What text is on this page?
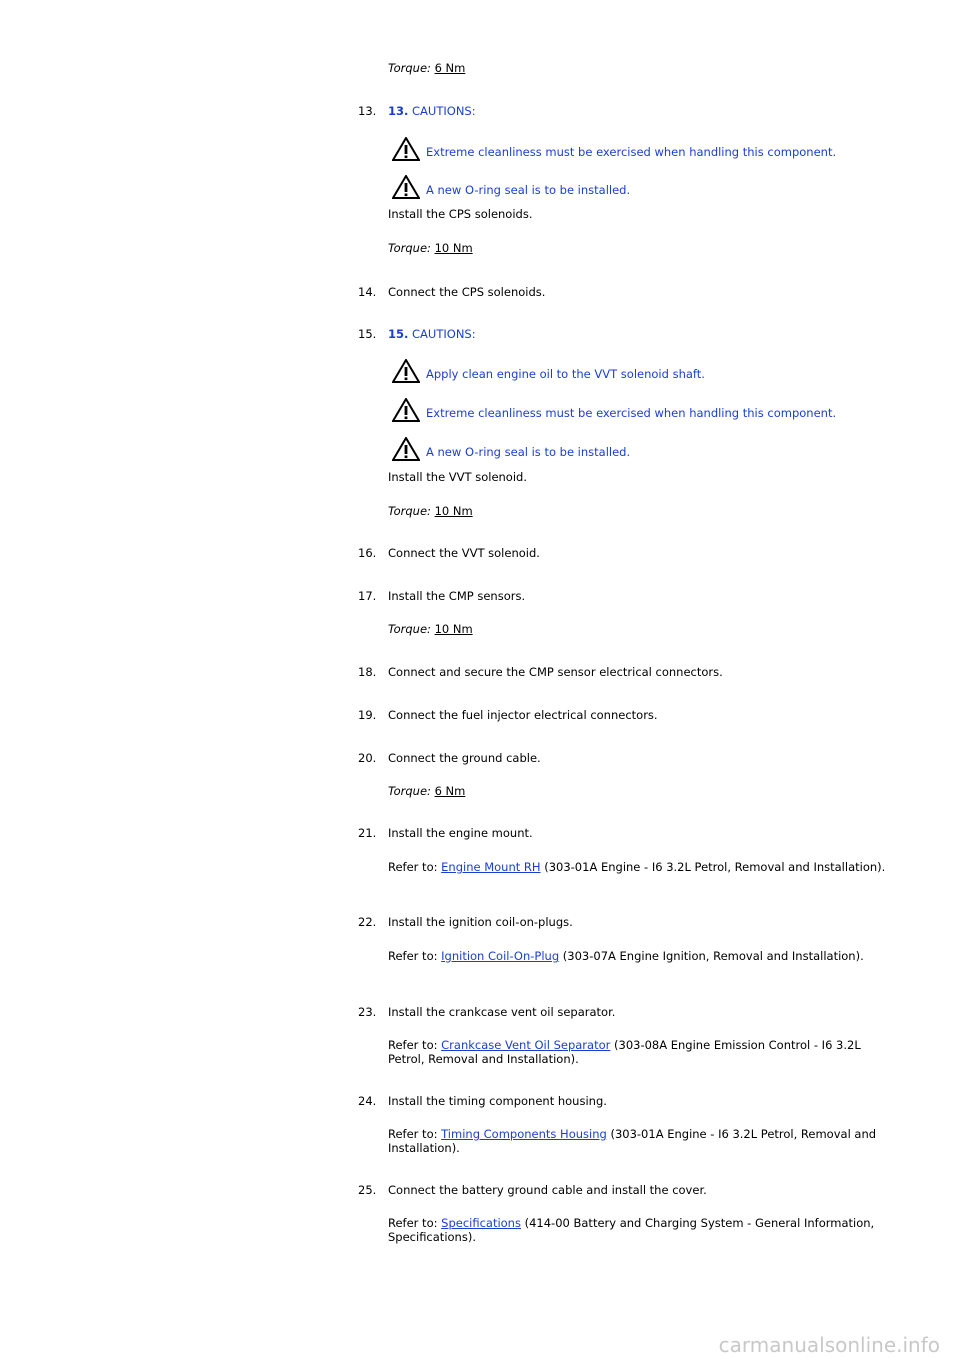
Torque: 6 Nm
13.	13. CAUTIONS:
Extreme cleanliness must be exercised when handling this component.
A new O-ring seal is to be installed.
Install the CPS solenoids.
Torque: 10 Nm
14.	Connect the CPS solenoids.
15.	15. CAUTIONS:
Apply clean engine oil to the VVT solenoid shaft.
Extreme cleanliness must be exercised when handling this component.
A new O-ring seal is to be installed.
Install the VVT solenoid.
Torque: 10 Nm
16.	Connect the VVT solenoid.
17.	Install the CMP sensors.
Torque: 10 Nm
18.	Connect and secure the CMP sensor electrical connectors.
19.	Connect the fuel injector electrical connectors.
20.	Connect the ground cable.
Torque: 6 Nm
21.	Install the engine mount.
Refer to: Engine Mount RH (303-01A Engine - I6 3.2L Petrol, Removal and Installation).
22.	Install the ignition coil-on-plugs.
Refer to: Ignition Coil-On-Plug (303-07A Engine Ignition, Removal and Installation).
23.	Install the crankcase vent oil separator.
Refer to: Crankcase Vent Oil Separator (303-08A Engine Emission Control - I6 3.2L Petrol, Removal and Installation).
24.	Install the timing component housing.
Refer to: Timing Components Housing (303-01A Engine - I6 3.2L Petrol, Removal and Installation).
25.	Connect the battery ground cable and install the cover.
Refer to: Specifications (414-00 Battery and Charging System - General Information, Specifications).
carmanualsonline.info
